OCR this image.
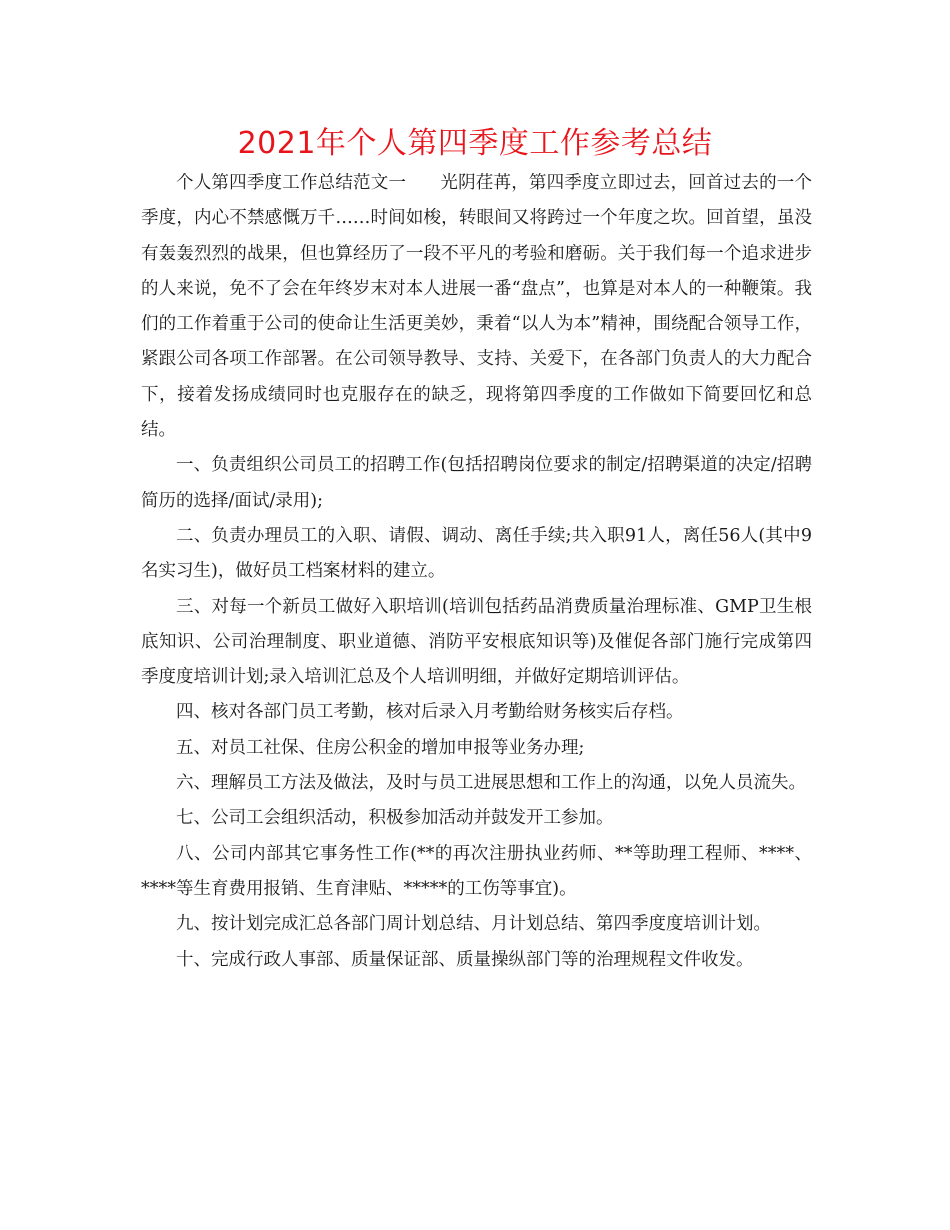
2021年个人第四季度工作参考总结

个人第四季度工作总结范文一 光阴荏苒，第四季度立即过去，回首过去的一个季度，内心不禁感慨万千……时间如梭，转眼间又将跨过一个年度之坎。回首望，虽没有轰轰烈烈的战果，但也算经历了一段不平凡的考验和磨砺。关于我们每一个追求进步的人来说，免不了会在年终岁末对本人进展一番“盘点”，也算是对本人的一种鞭策。我们的工作着重于公司的使命让生活更美妙，秉着“以人为本”精神，围绕配合领导工作，紧跟公司各项工作部署。在公司领导教导、支持、关爱下，在各部门负责人的大力配合下，接着发扬成绩同时也克服存在的缺乏，现将第四季度的工作做如下简要回忆和总结。

一、负责组织公司员工的招聘工作(包括招聘岗位要求的制定/招聘渠道的决定/招聘简历的选择/面试/录用);

二、负责办理员工的入职、请假、调动、离任手续;共入职91人，离任56人(其中9名实习生)，做好员工档案材料的建立。

三、对每一个新员工做好入职培训(培训包括药品消费质量治理标准、GMP卫生根底知识、公司治理制度、职业道德、消防平安根底知识等)及催促各部门施行完成第四季度度培训计划;录入培训汇总及个人培训明细，并做好定期培训评估。

四、核对各部门员工考勤，核对后录入月考勤给财务核实后存档。

五、对员工社保、住房公积金的增加申报等业务办理;

六、理解员工方法及做法，及时与员工进展思想和工作上的沟通，以免人员流失。

七、公司工会组织活动，积极参加活动并鼓发开工参加。

八、公司内部其它事务性工作(**的再次注册执业药师、**等助理工程师、****、****等生育费用报销、生育津贴、*****的工伤等事宜)。

九、按计划完成汇总各部门周计划总结、月计划总结、第四季度度培训计划。

十、完成行政人事部、质量保证部、质量操纵部门等的治理规程文件收发。
